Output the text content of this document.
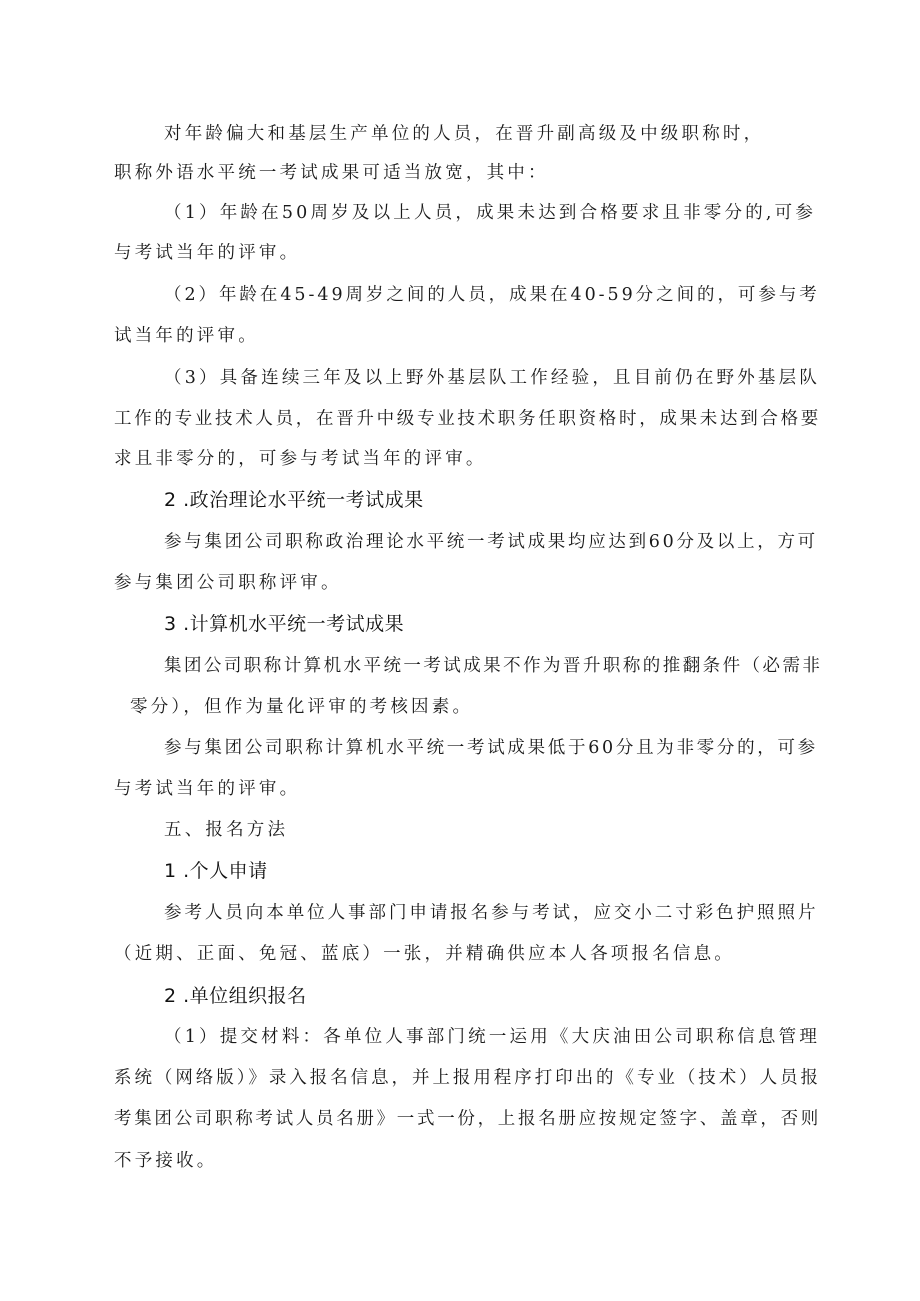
对年龄偏大和基层生产单位的人员，在晋升副高级及中级职称时，
职称外语水平统一考试成果可适当放宽，其中：
（1）年龄在50周岁及以上人员，成果未达到合格要求且非零分的,可参
与考试当年的评审。
（2）年龄在45-49周岁之间的人员，成果在40-59分之间的，可参与考
试当年的评审。
（3）具备连续三年及以上野外基层队工作经验，且目前仍在野外基层队
工作的专业技术人员，在晋升中级专业技术职务任职资格时，成果未达到合格要
求且非零分的，可参与考试当年的评审。
2 .政治理论水平统一考试成果
参与集团公司职称政治理论水平统一考试成果均应达到60分及以上，方可
参与集团公司职称评审。
3 .计算机水平统一考试成果
集团公司职称计算机水平统一考试成果不作为晋升职称的推翻条件（必需非
零分），但作为量化评审的考核因素。
参与集团公司职称计算机水平统一考试成果低于60分且为非零分的，可参
与考试当年的评审。
五、报名方法
1 .个人申请
参考人员向本单位人事部门申请报名参与考试，应交小二寸彩色护照照片
（近期、正面、免冠、蓝底）一张，并精确供应本人各项报名信息。
2 .单位组织报名
（1）提交材料：各单位人事部门统一运用《大庆油田公司职称信息管理
系统（网络版）》录入报名信息，并上报用程序打印出的《专业（技术）人员报
考集团公司职称考试人员名册》一式一份，上报名册应按规定签字、盖章，否则
不予接收。
